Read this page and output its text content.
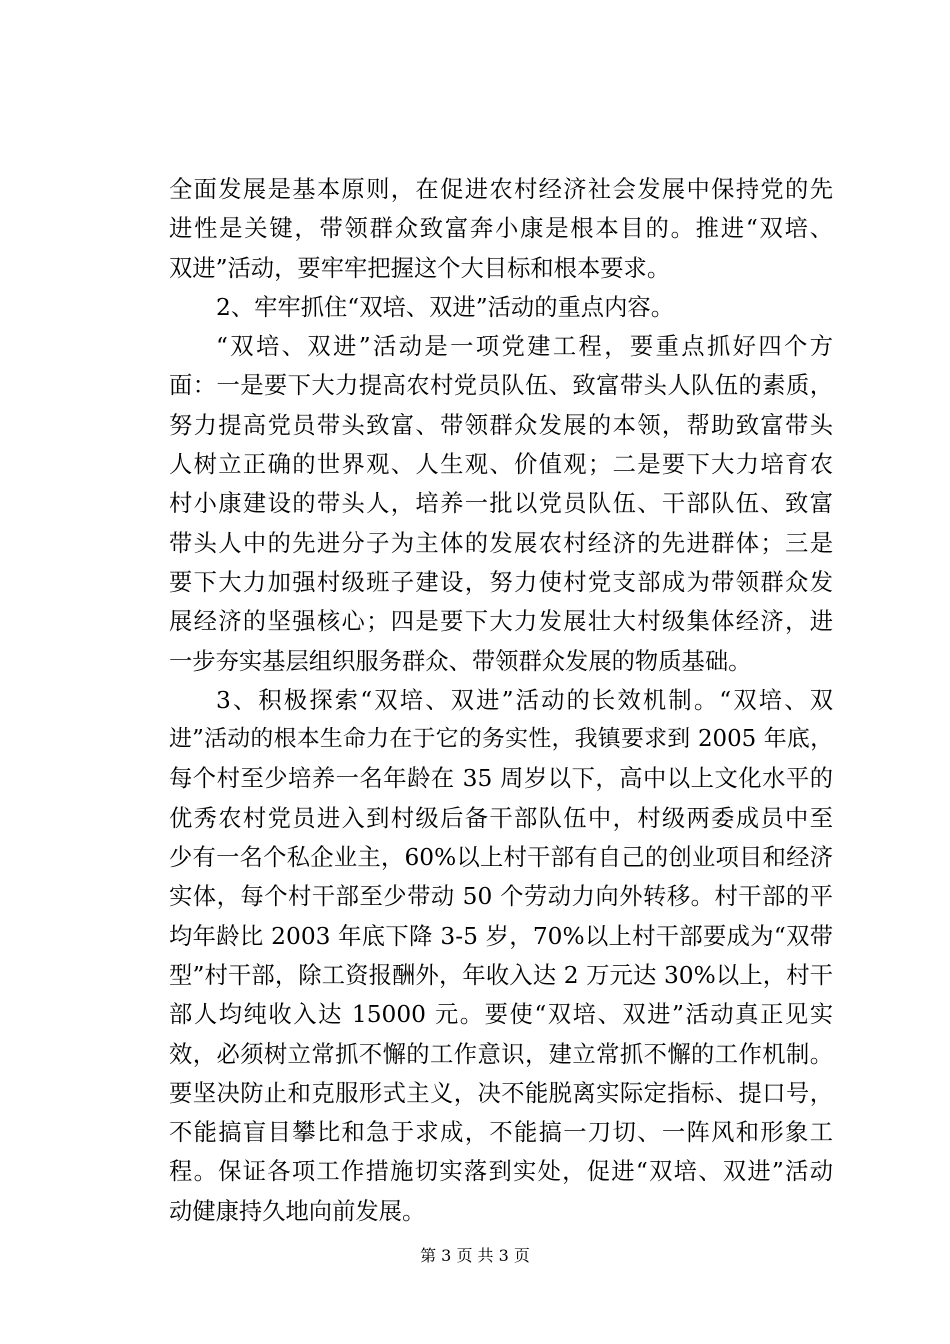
全面发展是基本原则，在促进农村经济社会发展中保持党的先
进性是关键，带领群众致富奔小康是根本目的。推进“双培、
双进”活动，要牢牢把握这个大目标和根本要求。
2、牢牢抓住“双培、双进”活动的重点内容。
“双培、双进”活动是一项党建工程，要重点抓好四个方
面：一是要下大力提高农村党员队伍、致富带头人队伍的素质，
努力提高党员带头致富、带领群众发展的本领，帮助致富带头
人树立正确的世界观、人生观、价值观；二是要下大力培育农
村小康建设的带头人，培养一批以党员队伍、干部队伍、致富
带头人中的先进分子为主体的发展农村经济的先进群体；三是
要下大力加强村级班子建设，努力使村党支部成为带领群众发
展经济的坚强核心；四是要下大力发展壮大村级集体经济，进
一步夯实基层组织服务群众、带领群众发展的物质基础。
3、积极探索“双培、双进”活动的长效机制。“双培、双
进”活动的根本生命力在于它的务实性，我镇要求到 2005 年底，
每个村至少培养一名年龄在 35 周岁以下，高中以上文化水平的
优秀农村党员进入到村级后备干部队伍中，村级两委成员中至
少有一名个私企业主，60%以上村干部有自己的创业项目和经济
实体，每个村干部至少带动 50 个劳动力向外转移。村干部的平
均年龄比 2003 年底下降 3-5 岁，70%以上村干部要成为“双带
型”村干部，除工资报酬外，年收入达 2 万元达 30%以上，村干
部人均纯收入达 15000 元。要使“双培、双进”活动真正见实
效，必须树立常抓不懈的工作意识，建立常抓不懈的工作机制。
要坚决防止和克服形式主义，决不能脱离实际定指标、提口号，
不能搞盲目攀比和急于求成，不能搞一刀切、一阵风和形象工
程。保证各项工作措施切实落到实处，促进“双培、双进”活动
动健康持久地向前发展。
第 3 页 共 3 页
